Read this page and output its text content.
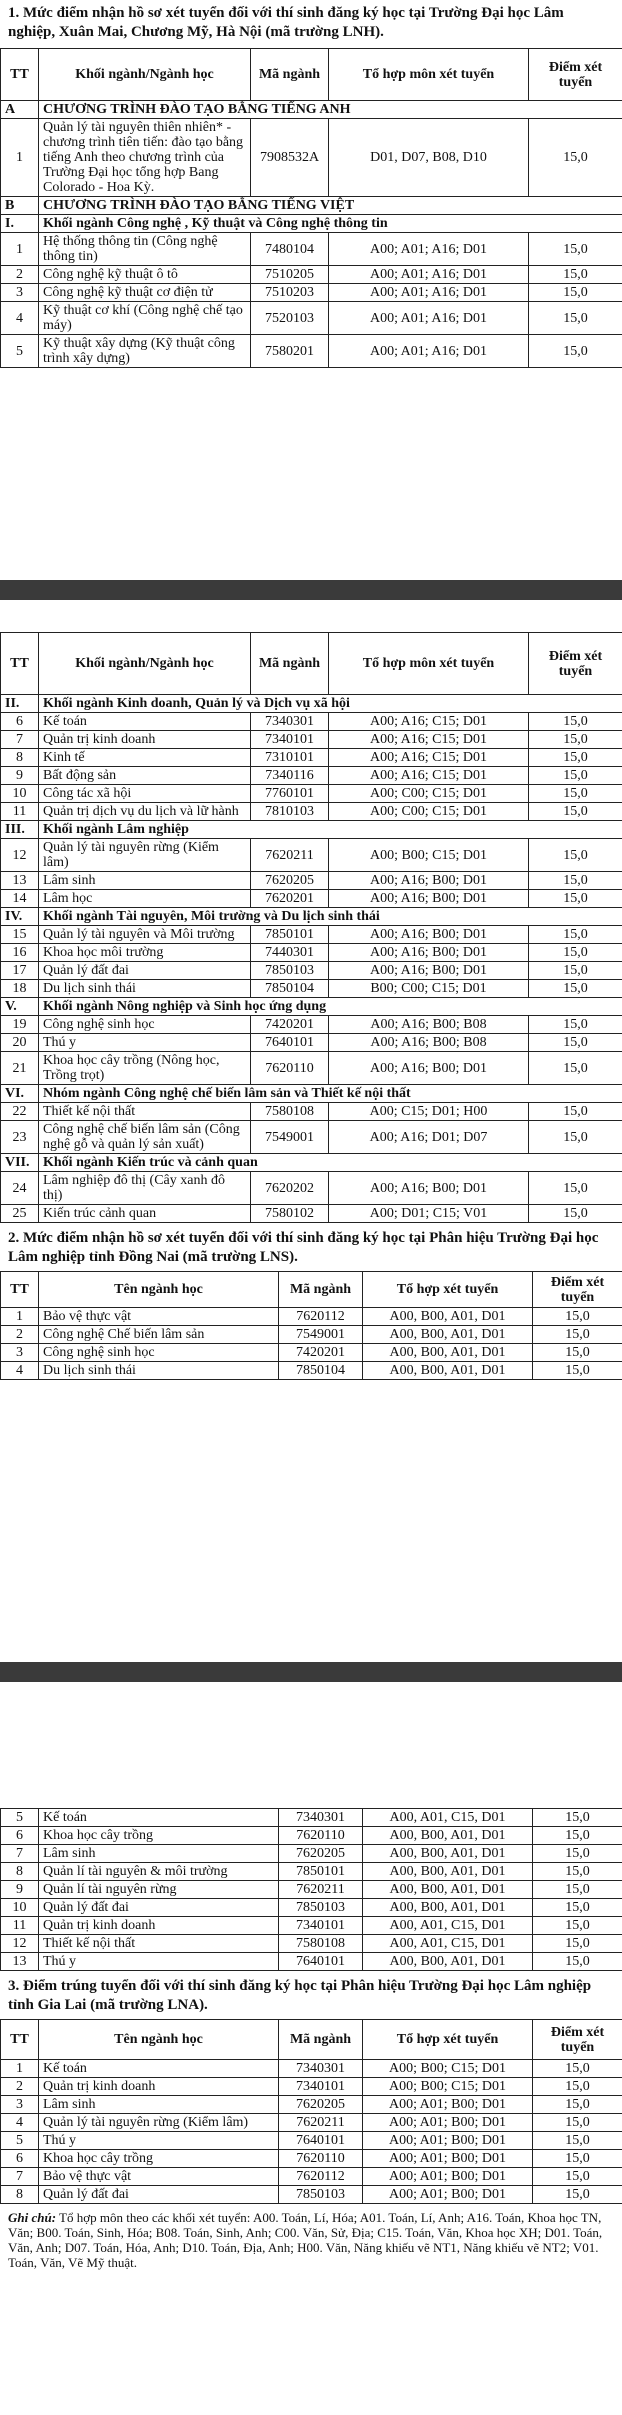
1. Mức điểm nhận hồ sơ xét tuyển đối với thí sinh đăng ký học tại Trường Đại học Lâm nghiệp, Xuân Mai, Chương Mỹ, Hà Nội (mã trường LNH).
TT	Khối ngành/Ngành học	Mã ngành	Tổ hợp môn xét tuyển	Điểm xét tuyển
A	CHƯƠNG TRÌNH ĐÀO TẠO BẰNG TIẾNG ANH			
1	Quản lý tài nguyên thiên nhiên* - chương trình tiên tiến: đào tạo bằng tiếng Anh theo chương trình của Trường Đại học tổng hợp Bang Colorado - Hoa Kỳ.	7908532A	D01, D07, B08, D10	15,0
B	CHƯƠNG TRÌNH ĐÀO TẠO BẰNG TIẾNG VIỆT			
I.	Khối ngành Công nghệ , Kỹ thuật và Công nghệ thông tin			
1	Hệ thống thông tin (Công nghệ thông tin)	7480104	A00; A01; A16; D01	15,0
2	Công nghệ kỹ thuật ô tô	7510205	A00; A01; A16; D01	15,0
3	Công nghệ kỹ thuật cơ điện tử	7510203	A00; A01; A16; D01	15,0
4	Kỹ thuật cơ khí (Công nghệ chế tạo máy)	7520103	A00; A01; A16; D01	15,0
5	Kỹ thuật xây dựng (Kỹ thuật công trình xây dựng)	7580201	A00; A01; A16; D01	15,0
TT	Khối ngành/Ngành học	Mã ngành	Tổ hợp môn xét tuyển	Điểm xét tuyển
II.	Khối ngành Kinh doanh, Quản lý và Dịch vụ xã hội			
6	Kế toán	7340301	A00; A16; C15; D01	15,0
7	Quản trị kinh doanh	7340101	A00; A16; C15; D01	15,0
8	Kinh tế	7310101	A00; A16; C15; D01	15,0
9	Bất động sản	7340116	A00; A16; C15; D01	15,0
10	Công tác xã hội	7760101	A00; C00; C15; D01	15,0
11	Quản trị dịch vụ du lịch và lữ hành	7810103	A00; C00; C15; D01	15,0
III.	Khối ngành Lâm nghiệp			
12	Quản lý tài nguyên rừng (Kiểm lâm)	7620211	A00; B00; C15; D01	15,0
13	Lâm sinh	7620205	A00; A16; B00; D01	15,0
14	Lâm học	7620201	A00; A16; B00; D01	15,0
IV.	Khối ngành Tài nguyên, Môi trường và Du lịch sinh thái			
15	Quản lý tài nguyên và Môi trường	7850101	A00; A16; B00; D01	15,0
16	Khoa học môi trường	7440301	A00; A16; B00; D01	15,0
17	Quản lý đất đai	7850103	A00; A16; B00; D01	15,0
18	Du lịch sinh thái	7850104	B00; C00; C15; D01	15,0
V.	Khối ngành Nông nghiệp và Sinh học ứng dụng			
19	Công nghệ sinh học	7420201	A00; A16; B00; B08	15,0
20	Thú y	7640101	A00; A16; B00; B08	15,0
21	Khoa học cây trồng (Nông học, Trồng trọt)	7620110	A00; A16; B00; D01	15,0
VI.	Nhóm ngành Công nghệ chế biến lâm sản và Thiết kế nội thất			
22	Thiết kế nội thất	7580108	A00; C15; D01; H00	15,0
23	Công nghệ chế biến lâm sản (Công nghệ gỗ và quản lý sản xuất)	7549001	A00; A16; D01; D07	15,0
VII.	Khối ngành Kiến trúc và cảnh quan			
24	Lâm nghiệp đô thị (Cây xanh đô thị)	7620202	A00; A16; B00; D01	15,0
25	Kiến trúc cảnh quan	7580102	A00; D01; C15; V01	15,0
2. Mức điểm nhận hồ sơ xét tuyển đối với thí sinh đăng ký học tại Phân hiệu Trường Đại học Lâm nghiệp tỉnh Đồng Nai (mã trường LNS).
TT	Tên ngành học	Mã ngành	Tổ hợp xét tuyển	Điểm xét tuyển
1	Bảo vệ thực vật	7620112	A00, B00, A01, D01	15,0
2	Công nghệ Chế biến lâm sản	7549001	A00, B00, A01, D01	15,0
3	Công nghệ sinh học	7420201	A00, B00, A01, D01	15,0
4	Du lịch sinh thái	7850104	A00, B00, A01, D01	15,0
5	Kế toán	7340301	A00, A01, C15, D01	15,0
6	Khoa học cây trồng	7620110	A00, B00, A01, D01	15,0
7	Lâm sinh	7620205	A00, B00, A01, D01	15,0
8	Quản lí tài nguyên & môi trường	7850101	A00, B00, A01, D01	15,0
9	Quản lí tài nguyên rừng	7620211	A00, B00, A01, D01	15,0
10	Quản lý đất đai	7850103	A00, B00, A01, D01	15,0
11	Quản trị kinh doanh	7340101	A00, A01, C15, D01	15,0
12	Thiết kế nội thất	7580108	A00, A01, C15, D01	15,0
13	Thú y	7640101	A00, B00, A01, D01	15,0
3. Điểm trúng tuyển đối với thí sinh đăng ký học tại Phân hiệu Trường Đại học Lâm nghiệp tỉnh Gia Lai (mã trường LNA).
TT	Tên ngành học	Mã ngành	Tổ hợp xét tuyển	Điểm xét tuyển
1	Kế toán	7340301	A00; B00; C15; D01	15,0
2	Quản trị kinh doanh	7340101	A00; B00; C15; D01	15,0
3	Lâm sinh	7620205	A00; A01; B00; D01	15,0
4	Quản lý tài nguyên rừng (Kiểm lâm)	7620211	A00; A01; B00; D01	15,0
5	Thú y	7640101	A00; A01; B00; D01	15,0
6	Khoa học cây trồng	7620110	A00; A01; B00; D01	15,0
7	Bảo vệ thực vật	7620112	A00; A01; B00; D01	15,0
8	Quản lý đất đai	7850103	A00; A01; B00; D01	15,0
Ghi chú: Tổ hợp môn theo các khối xét tuyển: A00. Toán, Lí, Hóa; A01. Toán, Lí, Anh; A16. Toán, Khoa học TN, Văn; B00. Toán, Sinh, Hóa; B08. Toán, Sinh, Anh; C00. Văn, Sử, Địa; C15. Toán, Văn, Khoa học XH; D01. Toán, Văn, Anh; D07. Toán, Hóa, Anh; D10. Toán, Địa, Anh; H00. Văn, Năng khiếu vẽ NT1, Năng khiếu vẽ NT2; V01. Toán, Văn, Vẽ Mỹ thuật.
